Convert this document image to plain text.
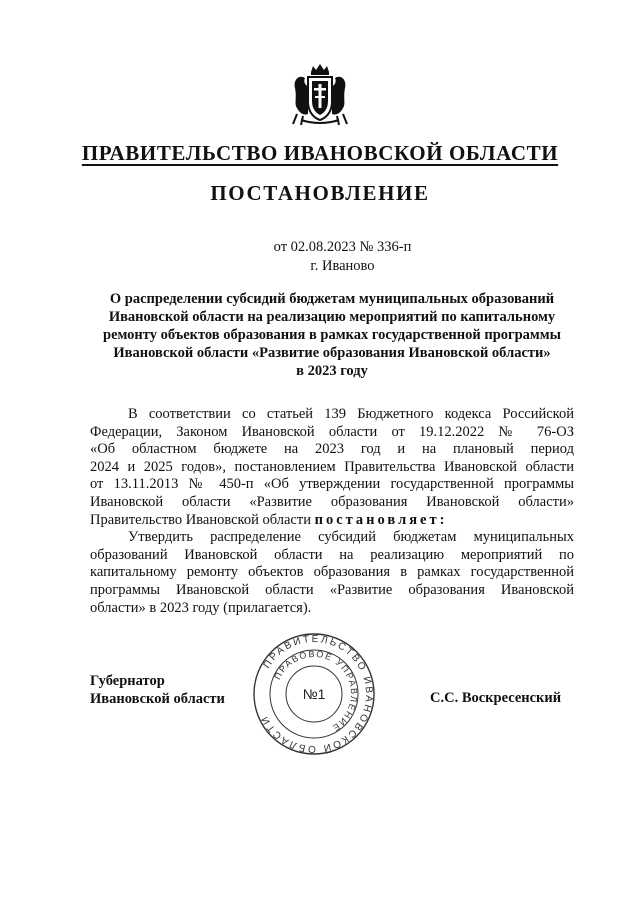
ПРАВИТЕЛЬСТВО ИВАНОВСКОЙ ОБЛАСТИ
ПОСТАНОВЛЕНИЕ
от 02.08.2023 № 336-п
г. Иваново
О распределении субсидий бюджетам муниципальных образований
Ивановской области на реализацию мероприятий по капитальному
ремонту объектов образования в рамках государственной программы
Ивановской области «Развитие образования Ивановской области»
в 2023 году
В соответствии со статьей 139 Бюджетного кодекса Российской
Федерации, Законом Ивановской области от 19.12.2022 № 76-ОЗ
«Об областном бюджете на 2023 год и на плановый период
2024 и 2025 годов», постановлением Правительства Ивановской области
от 13.11.2013 № 450-п «Об утверждении государственной программы
Ивановской области «Развитие образования Ивановской области»
Правительство Ивановской области постановляет:
Утвердить распределение субсидий бюджетам муниципальных
образований Ивановской области на реализацию мероприятий по
капитальному ремонту объектов образования в рамках государственной
программы Ивановской области «Развитие образования Ивановской
области» в 2023 году (прилагается).
Губернатор
Ивановской области	С.С. Воскресенский
ПРАВИТЕЛЬСТВО ИВАНОВСКОЙ ОБЛАСТИ
ПРАВОВОЕ УПРАВЛЕНИЕ
№1
